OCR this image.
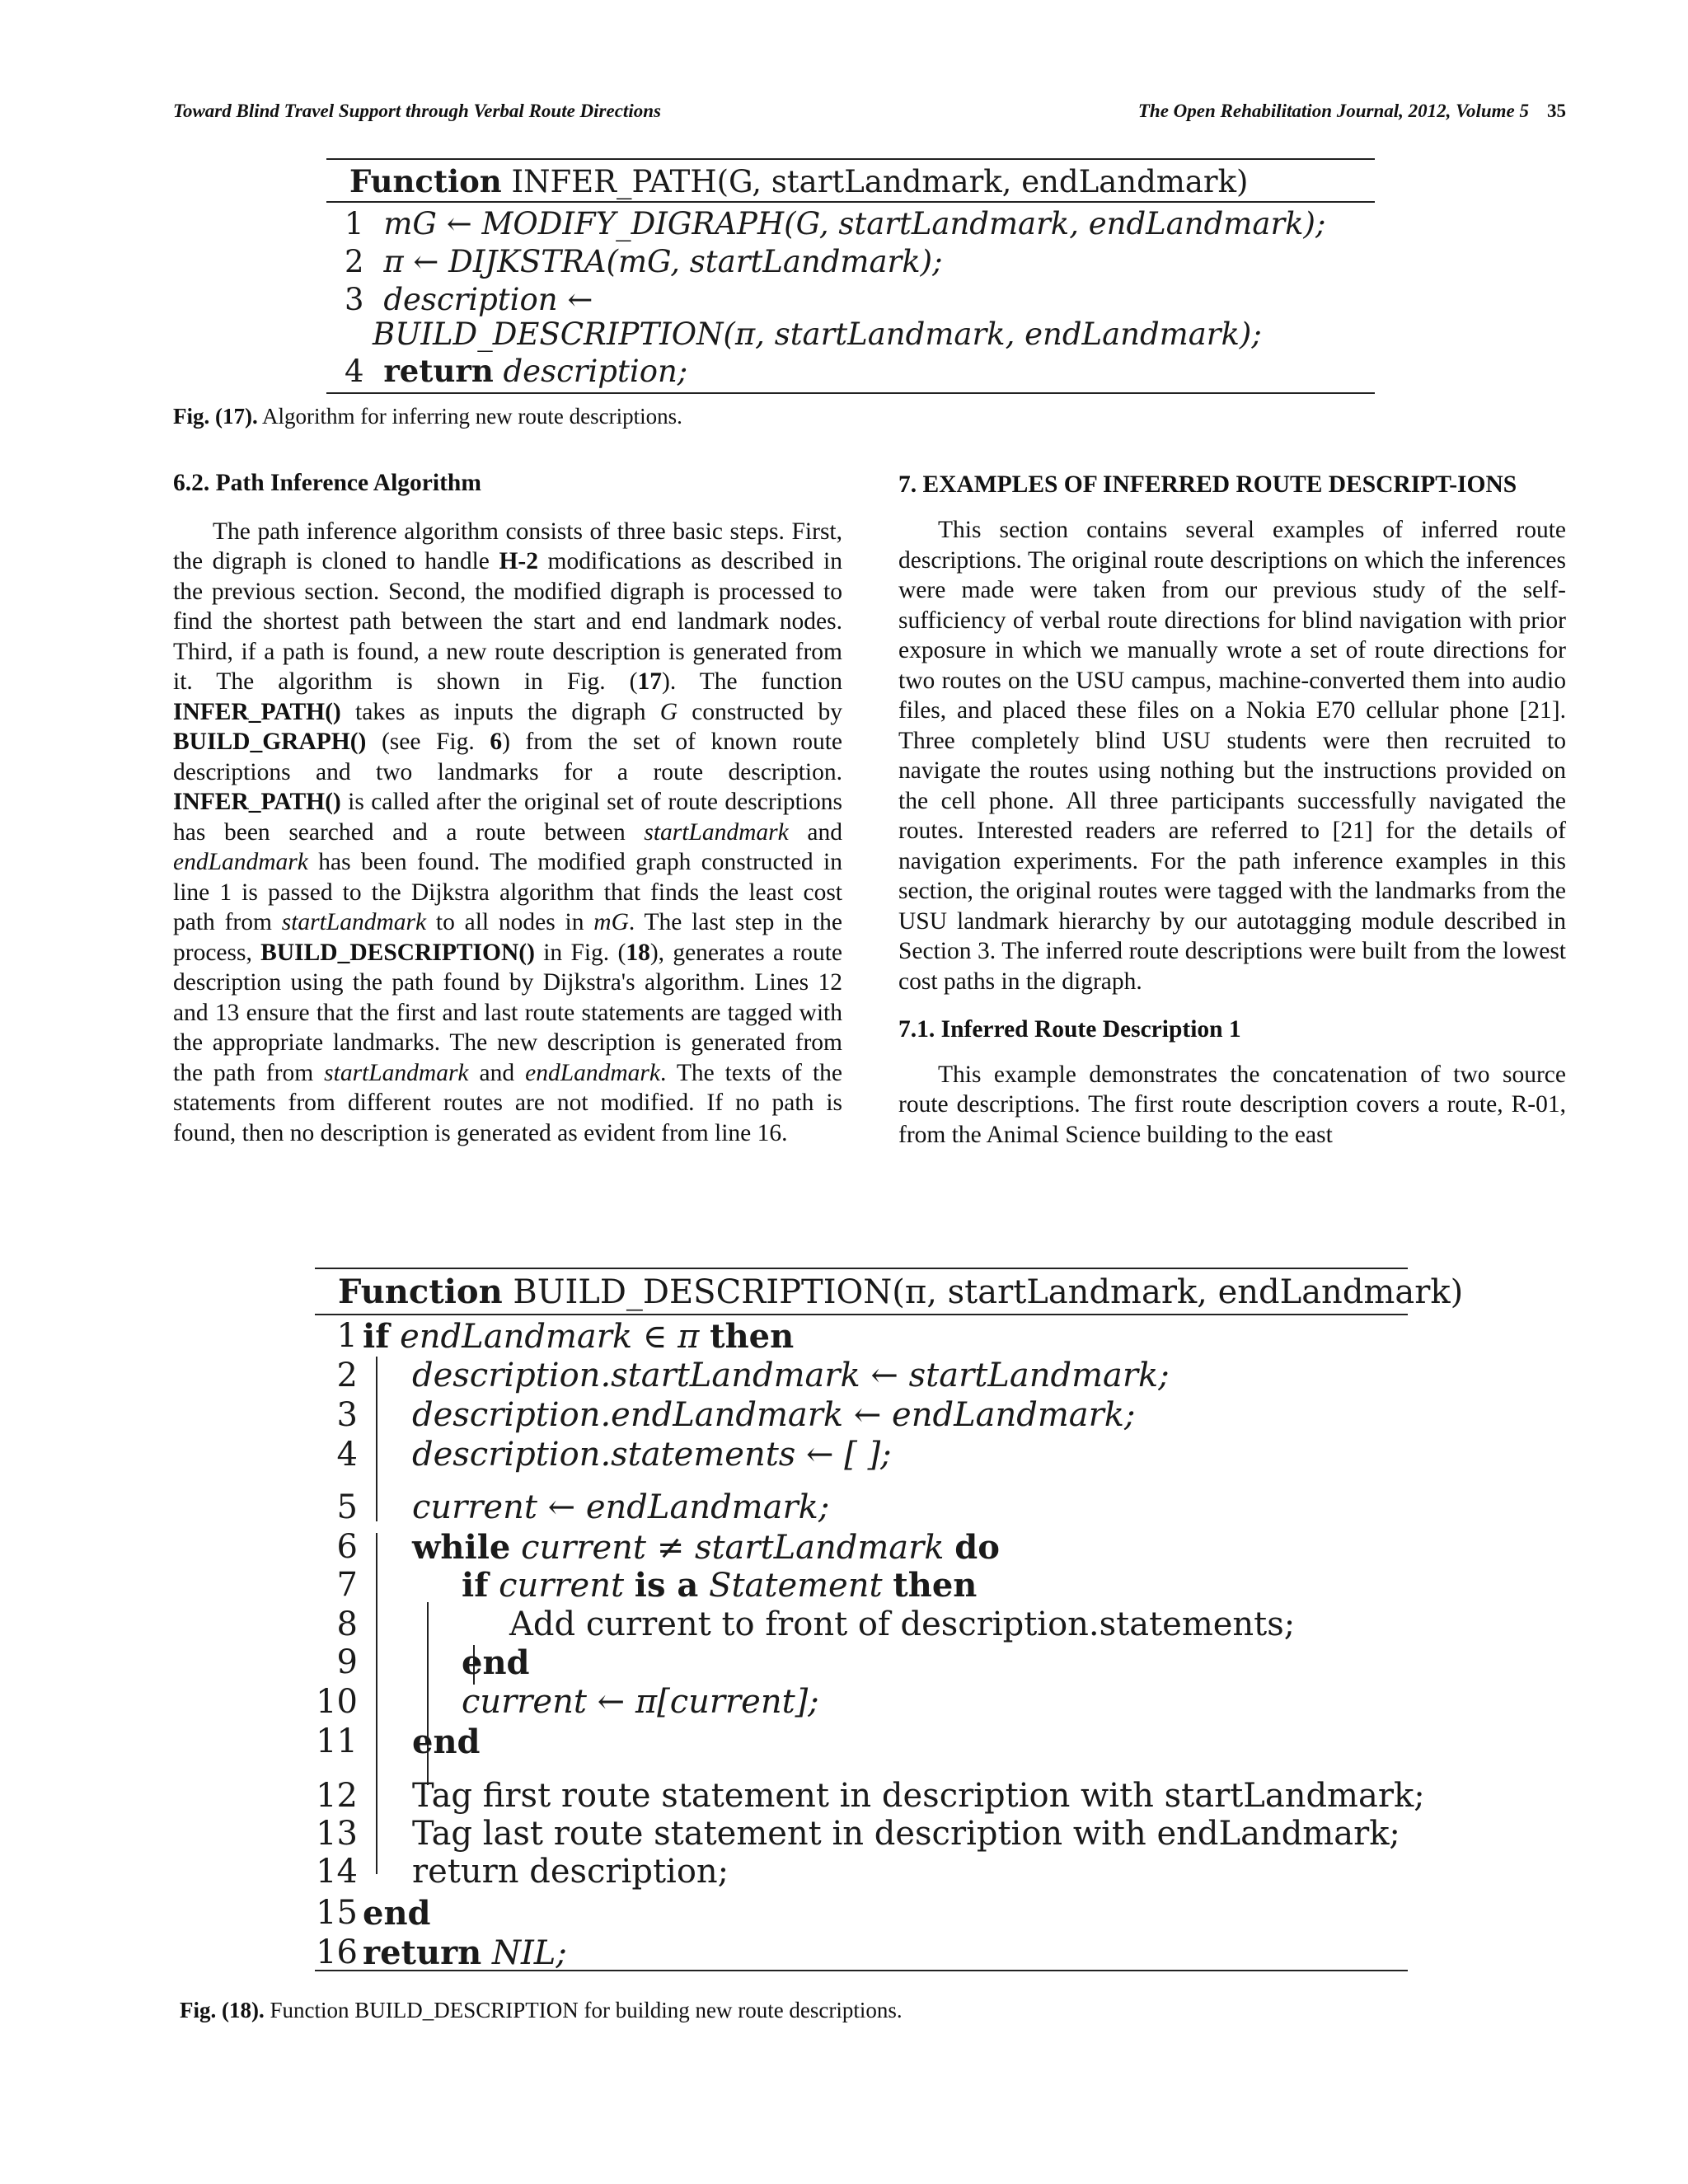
Toward Blind Travel Support through Verbal Route Directions	The Open Rehabilitation Journal, 2012, Volume 5 35
Function INFER_PATH(G, startLandmark, endLandmark)
1 mG ← MODIFY_DIGRAPH(G, startLandmark, endLandmark);
2 π ← DIJKSTRA(mG, startLandmark);
3 description ←
BUILD_DESCRIPTION(π, startLandmark, endLandmark);
4 return description;
Fig. (17). Algorithm for inferring new route descriptions.
6.2. Path Inference Algorithm

The path inference algorithm consists of three basic steps. First, the digraph is cloned to handle H-2 modifications as described in the previous section. Second, the modified digraph is processed to find the shortest path between the start and end landmark nodes. Third, if a path is found, a new route description is generated from it. The algorithm is shown in Fig. (17). The function INFER_PATH() takes as inputs the digraph G constructed by BUILD_GRAPH() (see Fig. 6) from the set of known route descriptions and two landmarks for a route description. INFER_PATH() is called after the original set of route descriptions has been searched and a route between startLandmark and endLandmark has been found. The modified graph constructed in line 1 is passed to the Dijkstra algorithm that finds the least cost path from startLandmark to all nodes in mG. The last step in the process, BUILD_DESCRIPTION() in Fig. (18), generates a route description using the path found by Dijkstra's algorithm. Lines 12 and 13 ensure that the first and last route statements are tagged with the appropriate landmarks. The new description is generated from the path from startLandmark and endLandmark. The texts of the statements from different routes are not modified. If no path is found, then no description is generated as evident from line 16.

7. EXAMPLES OF INFERRED ROUTE DESCRIPT-IONS

This section contains several examples of inferred route descriptions. The original route descriptions on which the inferences were made were taken from our previous study of the self- sufficiency of verbal route directions for blind navigation with prior exposure in which we manually wrote a set of route directions for two routes on the USU campus, machine-converted them into audio files, and placed these files on a Nokia E70 cellular phone [21]. Three completely blind USU students were then recruited to navigate the routes using nothing but the instructions provided on the cell phone. All three participants successfully navigated the routes. Interested readers are referred to [21] for the details of navigation experiments. For the path inference examples in this section, the original routes were tagged with the landmarks from the USU landmark hierarchy by our autotagging module described in Section 3. The inferred route descriptions were built from the lowest cost paths in the digraph.

7.1. Inferred Route Description 1

This example demonstrates the concatenation of two source route descriptions. The first route description covers a route, R-01, from the Animal Science building to the east

Function BUILD_DESCRIPTION(π, startLandmark, endLandmark)
1
2
3
4
5
6
7
8
9
10
11
12
13
14
15
16
if endLandmark ∈ π then
description.startLandmark ← startLandmark;
description.endLandmark ← endLandmark;
description.statements ← [ ];
current ← endLandmark;
while current ≠ startLandmark do
if current is a Statement then
Add current to front of description.statements;
end
current ← π[current];
end
Tag first route statement in description with startLandmark;
Tag last route statement in description with endLandmark;
return description;
end
return NIL;
Fig. (18). Function BUILD_DESCRIPTION for building new route descriptions.
